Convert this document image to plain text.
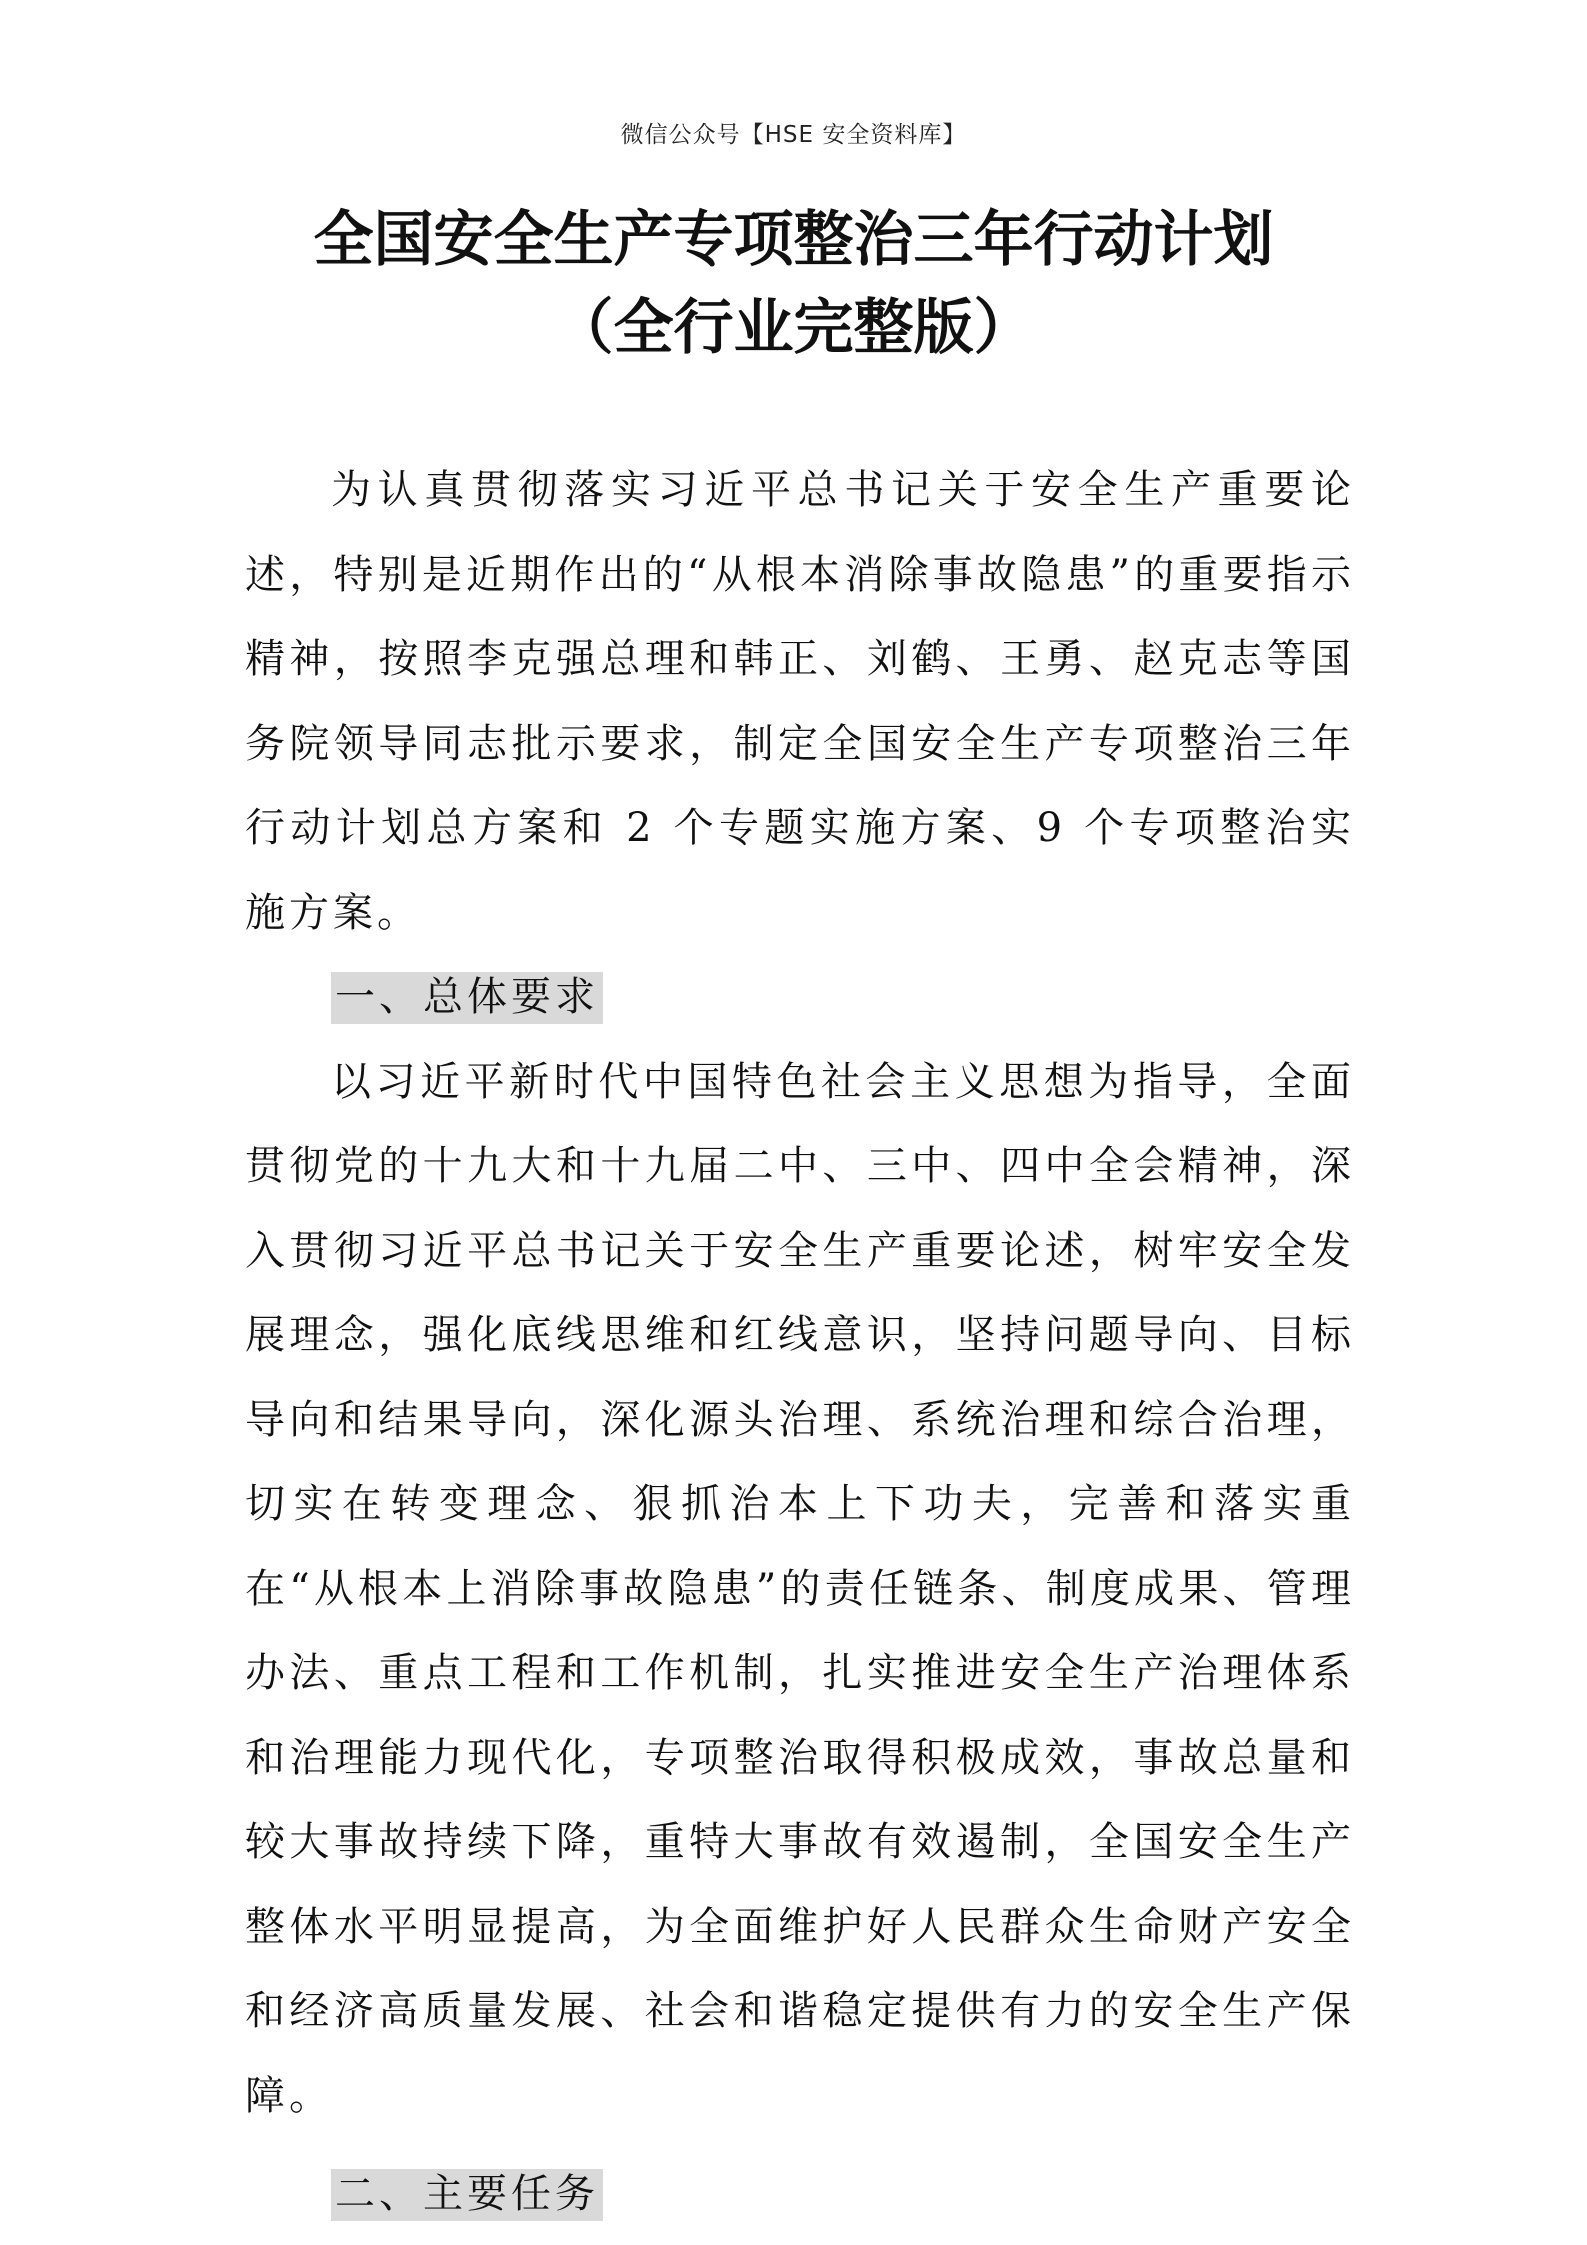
微信公众号【HSE 安全资料库】
全国安全生产专项整治三年行动计划
（全行业完整版）

为认真贯彻落实习近平总书记关于安全生产重要论述，特别是近期作出的“从根本消除事故隐患”的重要指示精神，按照李克强总理和韩正、刘鹤、王勇、赵克志等国务院领导同志批示要求，制定全国安全生产专项整治三年行动计划总方案和 2 个专题实施方案、9 个专项整治实施方案。

一、总体要求

以习近平新时代中国特色社会主义思想为指导，全面贯彻党的十九大和十九届二中、三中、四中全会精神，深入贯彻习近平总书记关于安全生产重要论述，树牢安全发展理念，强化底线思维和红线意识，坚持问题导向、目标导向和结果导向，深化源头治理、系统治理和综合治理，切实在转变理念、狠抓治本上下功夫，完善和落实重在“从根本上消除事故隐患”的责任链条、制度成果、管理办法、重点工程和工作机制，扎实推进安全生产治理体系和治理能力现代化，专项整治取得积极成效，事故总量和较大事故持续下降，重特大事故有效遏制，全国安全生产整体水平明显提高，为全面维护好人民群众生命财产安全和经济高质量发展、社会和谐稳定提供有力的安全生产保障。

二、主要任务
